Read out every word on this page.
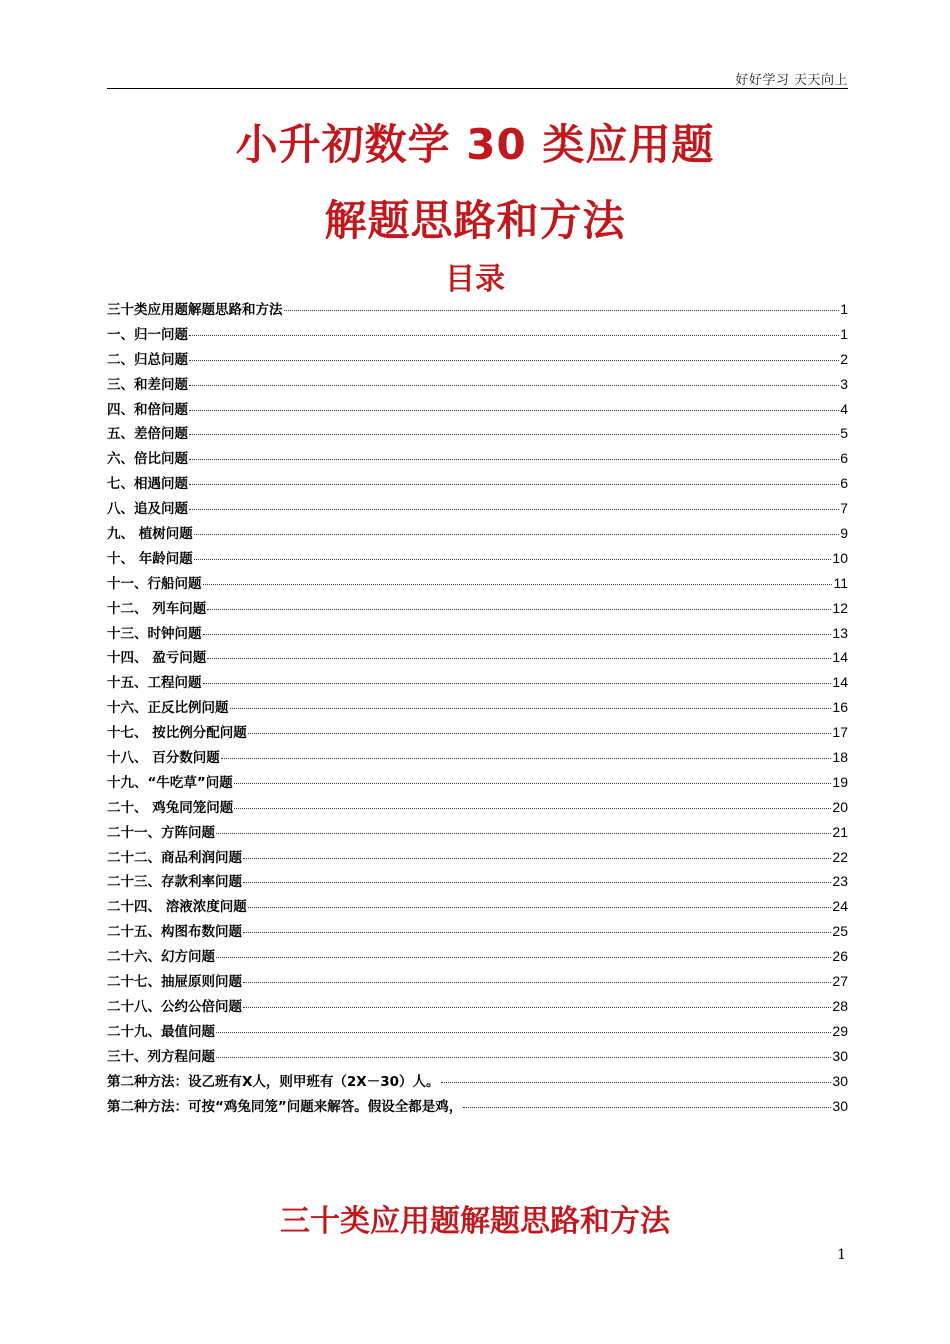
好好学习 天天向上
小升初数学 30 类应用题
解题思路和方法
目录
三十类应用题解题思路和方法	1
一、归一问题	1
二、归总问题	2
三、和差问题	3
四、和倍问题	4
五、差倍问题	5
六、倍比问题	6
七、相遇问题	6
八、追及问题	7
九、 植树问题	9
十、 年龄问题	10
十一、行船问题	11
十二、 列车问题	12
十三、时钟问题	13
十四、 盈亏问题	14
十五、工程问题	14
十六、正反比例问题	16
十七、 按比例分配问题	17
十八、 百分数问题	18
十九、“牛吃草”问题	19
二十、 鸡兔同笼问题	20
二十一、方阵问题	21
二十二、商品利润问题	22
二十三、存款利率问题	23
二十四、 溶液浓度问题	24
二十五、构图布数问题	25
二十六、幻方问题	26
二十七、抽屉原则问题	27
二十八、公约公倍问题	28
二十九、最值问题	29
三十、列方程问题	30
第二种方法：设乙班有X人，则甲班有（2X－30）人。	30
第二种方法：可按“鸡兔同笼”问题来解答。假设全都是鸡，	30
三十类应用题解题思路和方法
1
